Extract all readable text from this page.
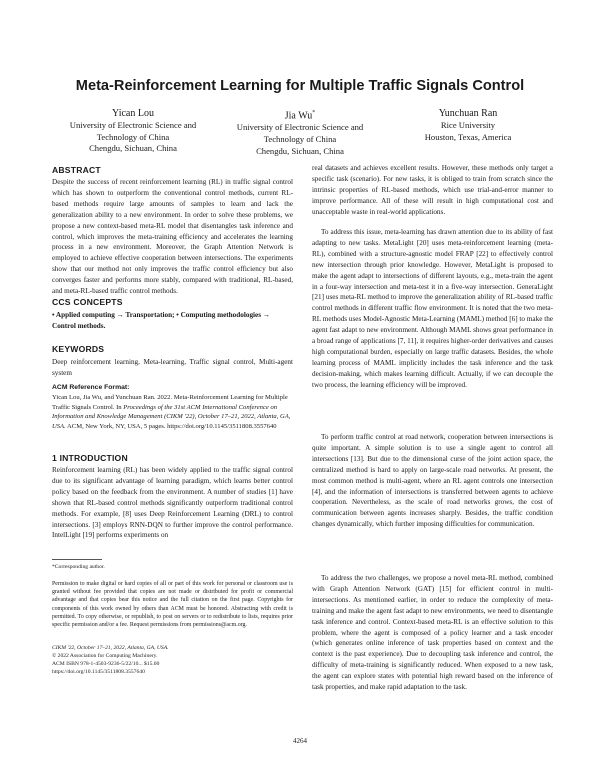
Meta-Reinforcement Learning for Multiple Traffic Signals Control
Yican Lou
University of Electronic Science and
Technology of China
Chengdu, Sichuan, China
Jia Wu*
University of Electronic Science and
Technology of China
Chengdu, Sichuan, China
Yunchuan Ran
Rice University
Houston, Texas, America
ABSTRACT
Despite the success of recent reinforcement learning (RL) in traffic signal control which has shown to outperform the conventional control methods, current RL-based methods require large amounts of samples to learn and lack the generalization ability to a new environment. In order to solve these problems, we propose a new context-based meta-RL model that disentangles task inference and control, which improves the meta-training efficiency and accelerates the learning process in a new environment. Moreover, the Graph Attention Network is employed to achieve effective cooperation between intersections. The experiments show that our method not only improves the traffic control efficiency but also converges faster and performs more stably, compared with traditional, RL-based, and meta-RL-based traffic control methods.
CCS CONCEPTS
• Applied computing → Transportation; • Computing methodologies → Control methods.
KEYWORDS
Deep reinforcement learning, Meta-learning, Traffic signal control, Multi-agent system
ACM Reference Format:
Yican Lou, Jia Wu, and Yunchuan Ran. 2022. Meta-Reinforcement Learning for Multiple Traffic Signals Control. In Proceedings of the 31st ACM International Conference on Information and Knowledge Management (CIKM '22), October 17–21, 2022, Atlanta, GA, USA. ACM, New York, NY, USA, 5 pages. https://doi.org/10.1145/3511808.3557640
1 INTRODUCTION
Reinforcement learning (RL) has been widely applied to the traffic signal control due to its significant advantage of learning paradigm, which learns better control policy based on the feedback from the environment. A number of studies [1] have shown that RL-based control methods significantly outperform traditional control methods. For example, [8] uses Deep Reinforcement Learning (DRL) to control intersections. [3] employs RNN-DQN to further improve the control performance. IntelLight [19] performs experiments on
*Corresponding author.
Permission to make digital or hard copies of all or part of this work for personal or classroom use is granted without fee provided that copies are not made or distributed for profit or commercial advantage and that copies bear this notice and the full citation on the first page. Copyrights for components of this work owned by others than ACM must be honored. Abstracting with credit is permitted. To copy otherwise, or republish, to post on servers or to redistribute to lists, requires prior specific permission and/or a fee. Request permissions from permissions@acm.org.
CIKM '22, October 17–21, 2022, Atlanta, GA, USA.
© 2022 Association for Computing Machinery.
ACM ISBN 978-1-4503-9236-5/22/10... $15.00
https://doi.org/10.1145/3511808.3557640
real datasets and achieves excellent results. However, these methods only target a specific task (scenario). For new tasks, it is obliged to train from scratch since the intrinsic properties of RL-based methods, which use trial-and-error manner to improve performance. All of these will result in high computational cost and unacceptable waste in real-world applications.
To address this issue, meta-learning has drawn attention due to its ability of fast adapting to new tasks. MetaLight [20] uses meta-reinforcement learning (meta-RL), combined with a structure-agnostic model FRAP [22] to effectively control new intersection through prior knowledge. However, MetaLight is proposed to make the agent adapt to intersections of different layouts, e.g., meta-train the agent in a four-way intersection and meta-test it in a five-way intersection. GeneraLight [21] uses meta-RL method to improve the generalization ability of RL-based traffic control methods in different traffic flow environment. It is noted that the two meta-RL methods uses Model-Agnostic Meta-Learning (MAML) method [6] to make the agent fast adapt to new environment. Although MAML shows great performance in a broad range of applications [7, 11], it requires higher-order derivatives and causes high computational burden, especially on large traffic datasets. Besides, the whole learning process of MAML implicitly includes the task inference and the task decision-making, which makes learning difficult. Actually, if we can decouple the two process, the learning efficiency will be improved.
To perform traffic control at road network, cooperation between intersections is quite important. A simple solution is to use a single agent to control all intersections [13]. But due to the dimensional curse of the joint action space, the centralized method is hard to apply on large-scale road networks. At present, the most common method is multi-agent, where an RL agent controls one intersection [4], and the information of intersections is transferred between agents to achieve cooperation. Nevertheless, as the scale of road networks grows, the cost of communication between agents increases sharply. Besides, the traffic condition changes dynamically, which further imposing difficulties for communication.
To address the two challenges, we propose a novel meta-RL method, combined with Graph Attention Network (GAT) [15] for efficient control in multi-intersections. As mentioned earlier, in order to reduce the complexity of meta-training and make the agent fast adapt to new environments, we need to disentangle task inference and control. Context-based meta-RL is an effective solution to this problem, where the agent is composed of a policy learner and a task encoder (which generates online inference of task properties based on context and the context is the past experience). Due to decoupling task inference and control, the difficulty of meta-training is significantly reduced. When exposed to a new task, the agent can explore states with potential high reward based on the inference of task properties, and make rapid adaptation to the task.
4264
